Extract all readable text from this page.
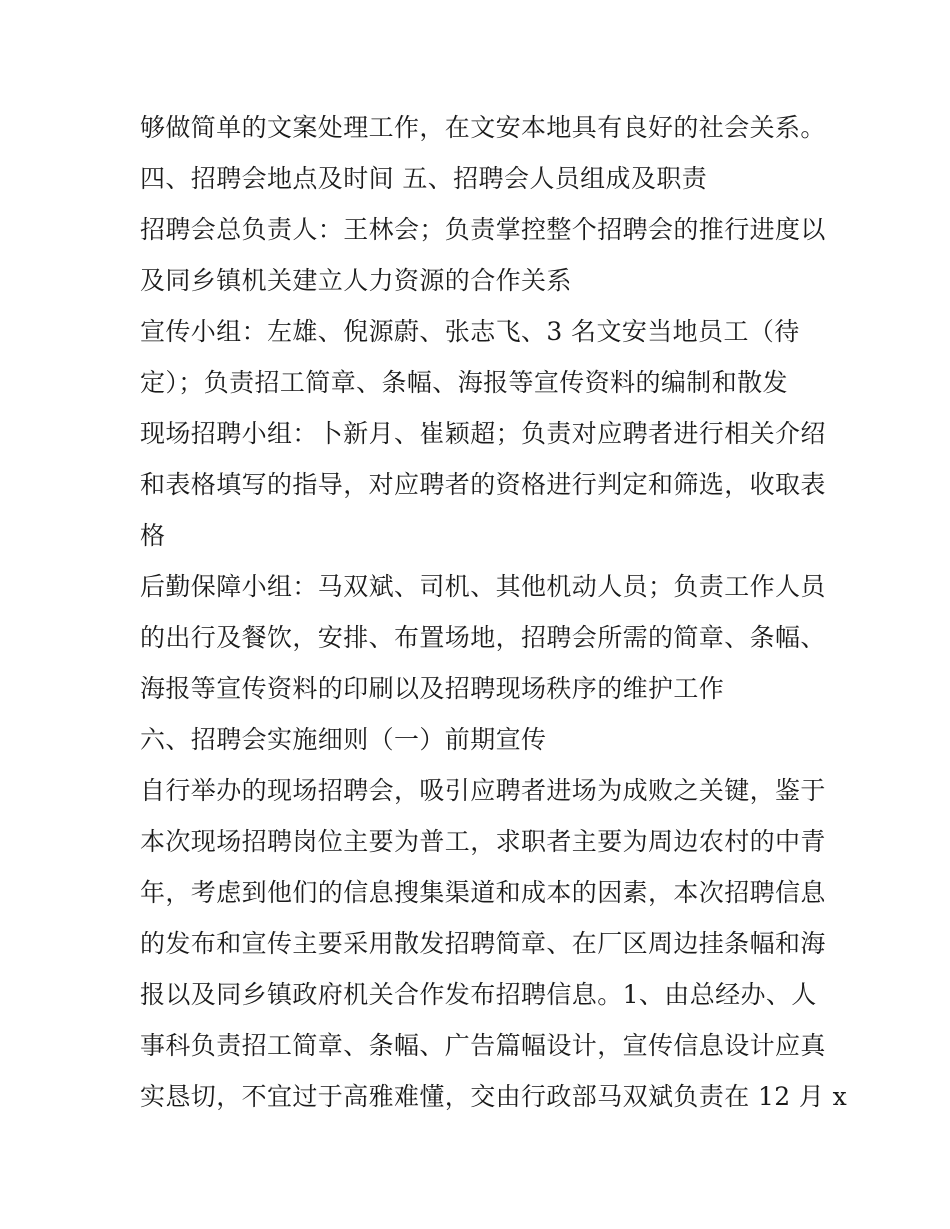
够做简单的文案处理工作，在文安本地具有良好的社会关系。
四、招聘会地点及时间 五、招聘会人员组成及职责
招聘会总负责人：王林会；负责掌控整个招聘会的推行进度以
及同乡镇机关建立人力资源的合作关系
宣传小组：左雄、倪源蔚、张志飞、3 名文安当地员工（待
定）；负责招工简章、条幅、海报等宣传资料的编制和散发
现场招聘小组：卜新月、崔颖超；负责对应聘者进行相关介绍
和表格填写的指导，对应聘者的资格进行判定和筛选，收取表
格
后勤保障小组：马双斌、司机、其他机动人员；负责工作人员
的出行及餐饮，安排、布置场地，招聘会所需的简章、条幅、
海报等宣传资料的印刷以及招聘现场秩序的维护工作
六、招聘会实施细则（一）前期宣传
自行举办的现场招聘会，吸引应聘者进场为成败之关键，鉴于
本次现场招聘岗位主要为普工，求职者主要为周边农村的中青
年，考虑到他们的信息搜集渠道和成本的因素，本次招聘信息
的发布和宣传主要采用散发招聘简章、在厂区周边挂条幅和海
报以及同乡镇政府机关合作发布招聘信息。1、由总经办、人
事科负责招工简章、条幅、广告篇幅设计，宣传信息设计应真
实恳切，不宜过于高雅难懂，交由行政部马双斌负责在 12 月 x
